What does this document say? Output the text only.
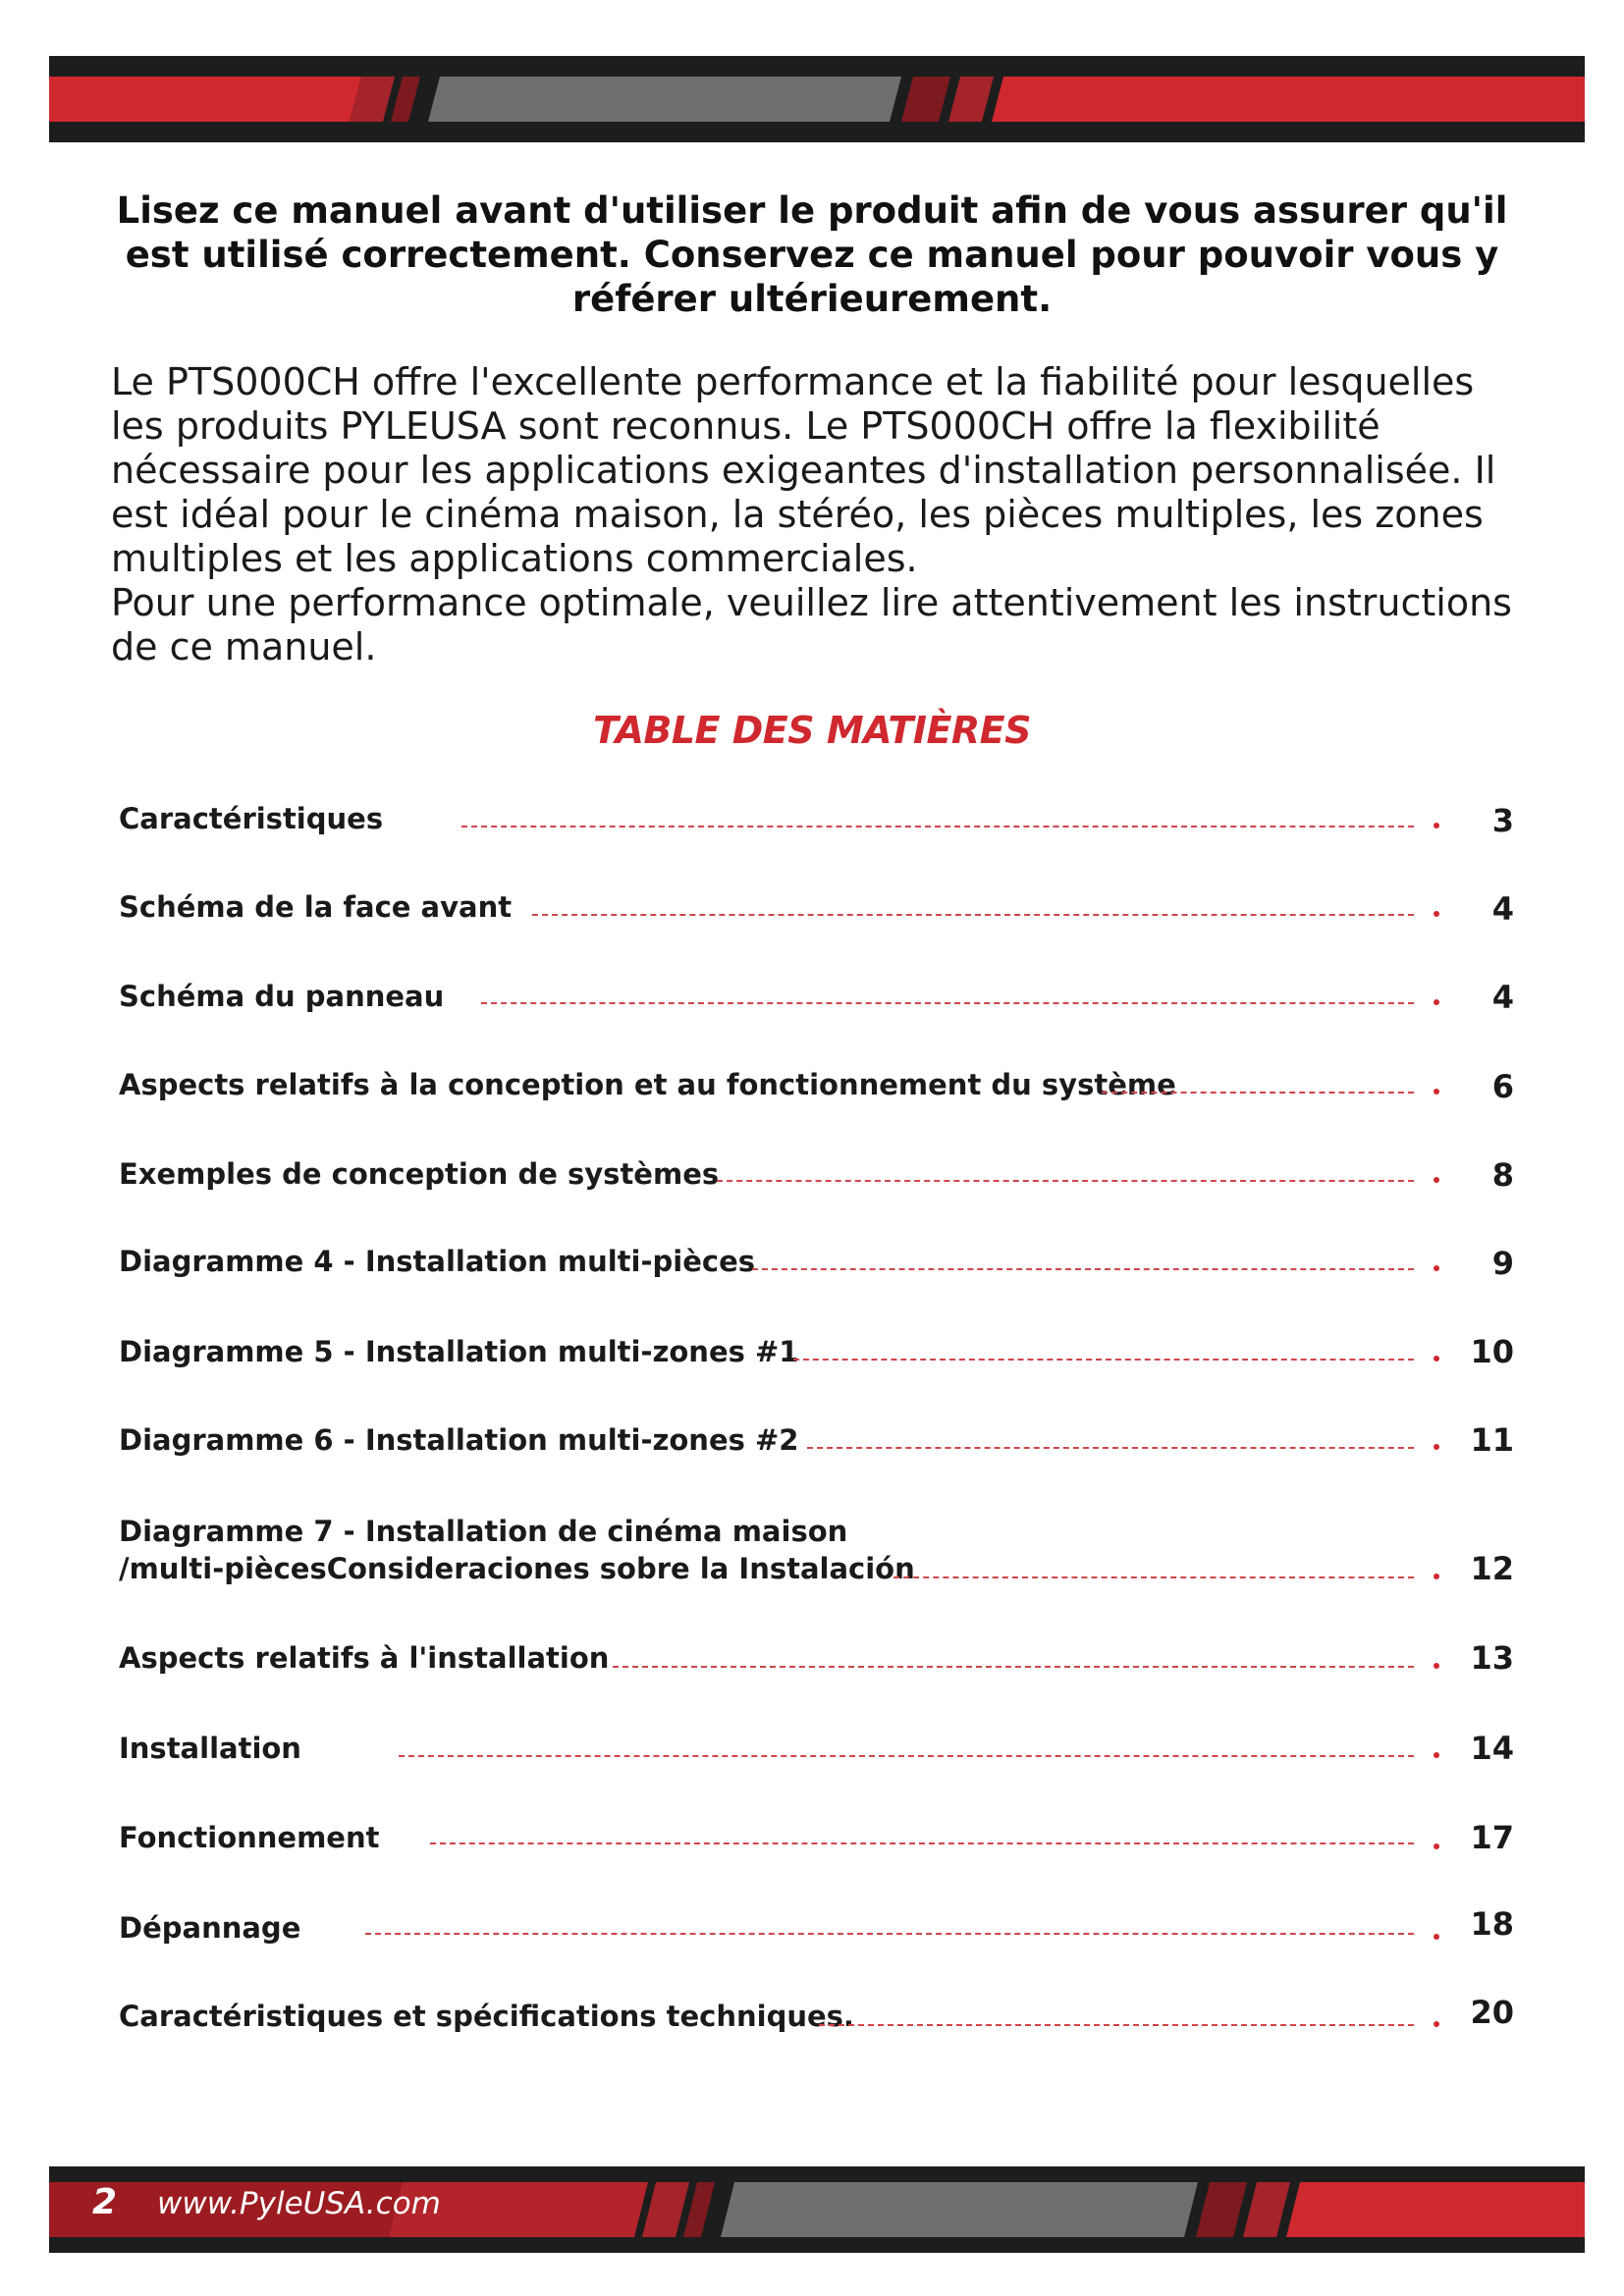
Lisez ce manuel avant d'utiliser le produit afin de vous assurer qu'il est utilisé correctement. Conservez ce manuel pour pouvoir vous y référer ultérieurement.

Le PTS000CH offre l'excellente performance et la fiabilité pour lesquelles les produits PYLEUSA sont reconnus. Le PTS000CH offre la flexibilité nécessaire pour les applications exigeantes d'installation personnalisée. Il est idéal pour le cinéma maison, la stéréo, les pièces multiples, les zones multiples et les applications commerciales.

Pour une performance optimale, veuillez lire attentivement les instructions de ce manuel.

TABLE DES MATIÈRES
Caractéristiques	3
Schéma de la face avant	4
Schéma du panneau	4
Aspects relatifs à la conception et au fonctionnement du système	6
Exemples de conception de systèmes	8
Diagramme 4 - Installation multi-pièces	9
Diagramme 5 - Installation multi-zones #1	10
Diagramme 6 - Installation multi-zones #2	11
Diagramme 7 - Installation de cinéma maison
/multi-piècesConsideraciones sobre la Instalación	12
Aspects relatifs à l'installation	13
Installation	14
Fonctionnement	17
Dépannage	18
Caractéristiques et spécifications techniques.	20
2 www.PyleUSA.com
